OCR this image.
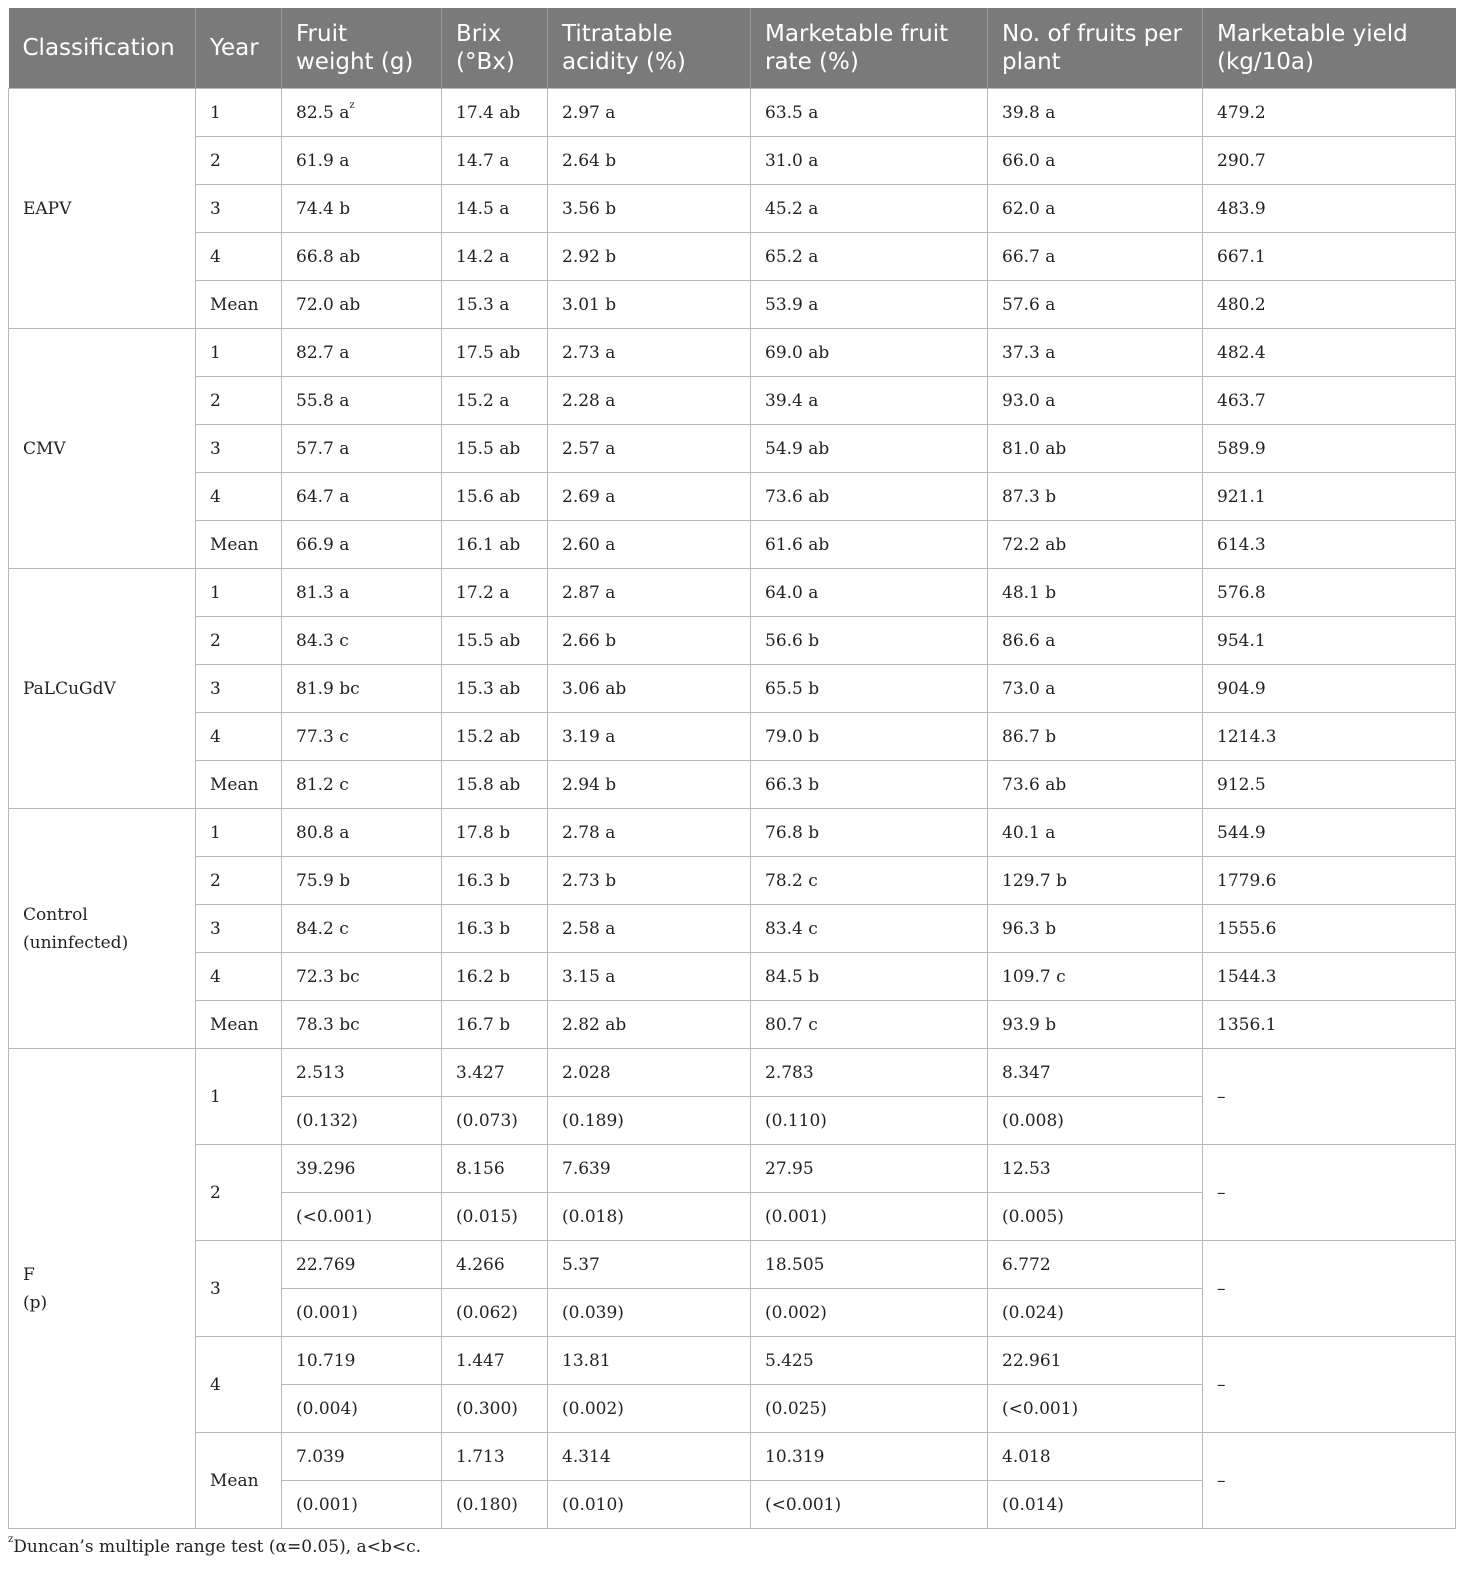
Classification	Year	Fruit weight (g)	Brix (°Bx)	Titratable acidity (%)	Marketable fruit rate (%)	No. of fruits per plant	Marketable yield (kg/10a)
EAPV	1	82.5 $a^z$	17.4 ab	2.97 a	63.5 a	39.8 a	479.2
	2	61.9 a	14.7 a	2.64 b	31.0 a	66.0 a	290.7
	3	74.4 b	14.5 a	3.56 b	45.2 a	62.0 a	483.9
	4	66.8 ab	14.2 a	2.92 b	65.2 a	66.7 a	667.1
	Mean	72.0 ab	15.3 a	3.01 b	53.9 a	57.6 a	480.2
CMV	1	82.7 a	17.5 ab	2.73 a	69.0 ab	37.3 a	482.4
	2	55.8 a	15.2 a	2.28 a	39.4 a	93.0 a	463.7
	3	57.7 a	15.5 ab	2.57 a	54.9 ab	81.0 ab	589.9
	4	64.7 a	15.6 ab	2.69 a	73.6 ab	87.3 b	921.1
	Mean	66.9 a	16.1 ab	2.60 a	61.6 ab	72.2 ab	614.3
PaLCuGdV	1	81.3 a	17.2 a	2.87 a	64.0 a	48.1 b	576.8
	2	84.3 c	15.5 ab	2.66 b	56.6 b	86.6 a	954.1
	3	81.9 bc	15.3 ab	3.06 ab	65.5 b	73.0 a	904.9
	4	77.3 c	15.2 ab	3.19 a	79.0 b	86.7 b	1214.3
	Mean	81.2 c	15.8 ab	2.94 b	66.3 b	73.6 ab	912.5
Control (uninfected)	1	80.8 a	17.8 b	2.78 a	76.8 b	40.1 a	544.9
	2	75.9 b	16.3 b	2.73 b	78.2 c	129.7 b	1779.6
	3	84.2 c	16.3 b	2.58 a	83.4 c	96.3 b	1555.6
	4	72.3 bc	16.2 b	3.15 a	84.5 b	109.7 c	1544.3
	Mean	78.3 bc	16.7 b	2.82 ab	80.7 c	93.9 b	1356.1

F
(p)	1	2.513	3.427	2.028	2.783	8.347	–
		(0.132)	(0.073)	(0.189)	(0.110)	(0.008)	
	2	39.296	8.156	7.639	27.95	12.53	–
		(<0.001)	(0.015)	(0.018)	(0.001)	(0.005)	
	3	22.769	4.266	5.37	18.505	6.772	–
		(0.001)	(0.062)	(0.039)	(0.002)	(0.024)	
	4	10.719	1.447	13.81	5.425	22.961	–
		(0.004)	(0.300)	(0.002)	(0.025)	(<0.001)	
	Mean	7.039	1.713	4.314	10.319	4.018	–
		(0.001)	(0.180)	(0.010)	(<0.001)	(0.014)	
$^z$Duncan’s multiple range test (α=0.05), a<b<c.
